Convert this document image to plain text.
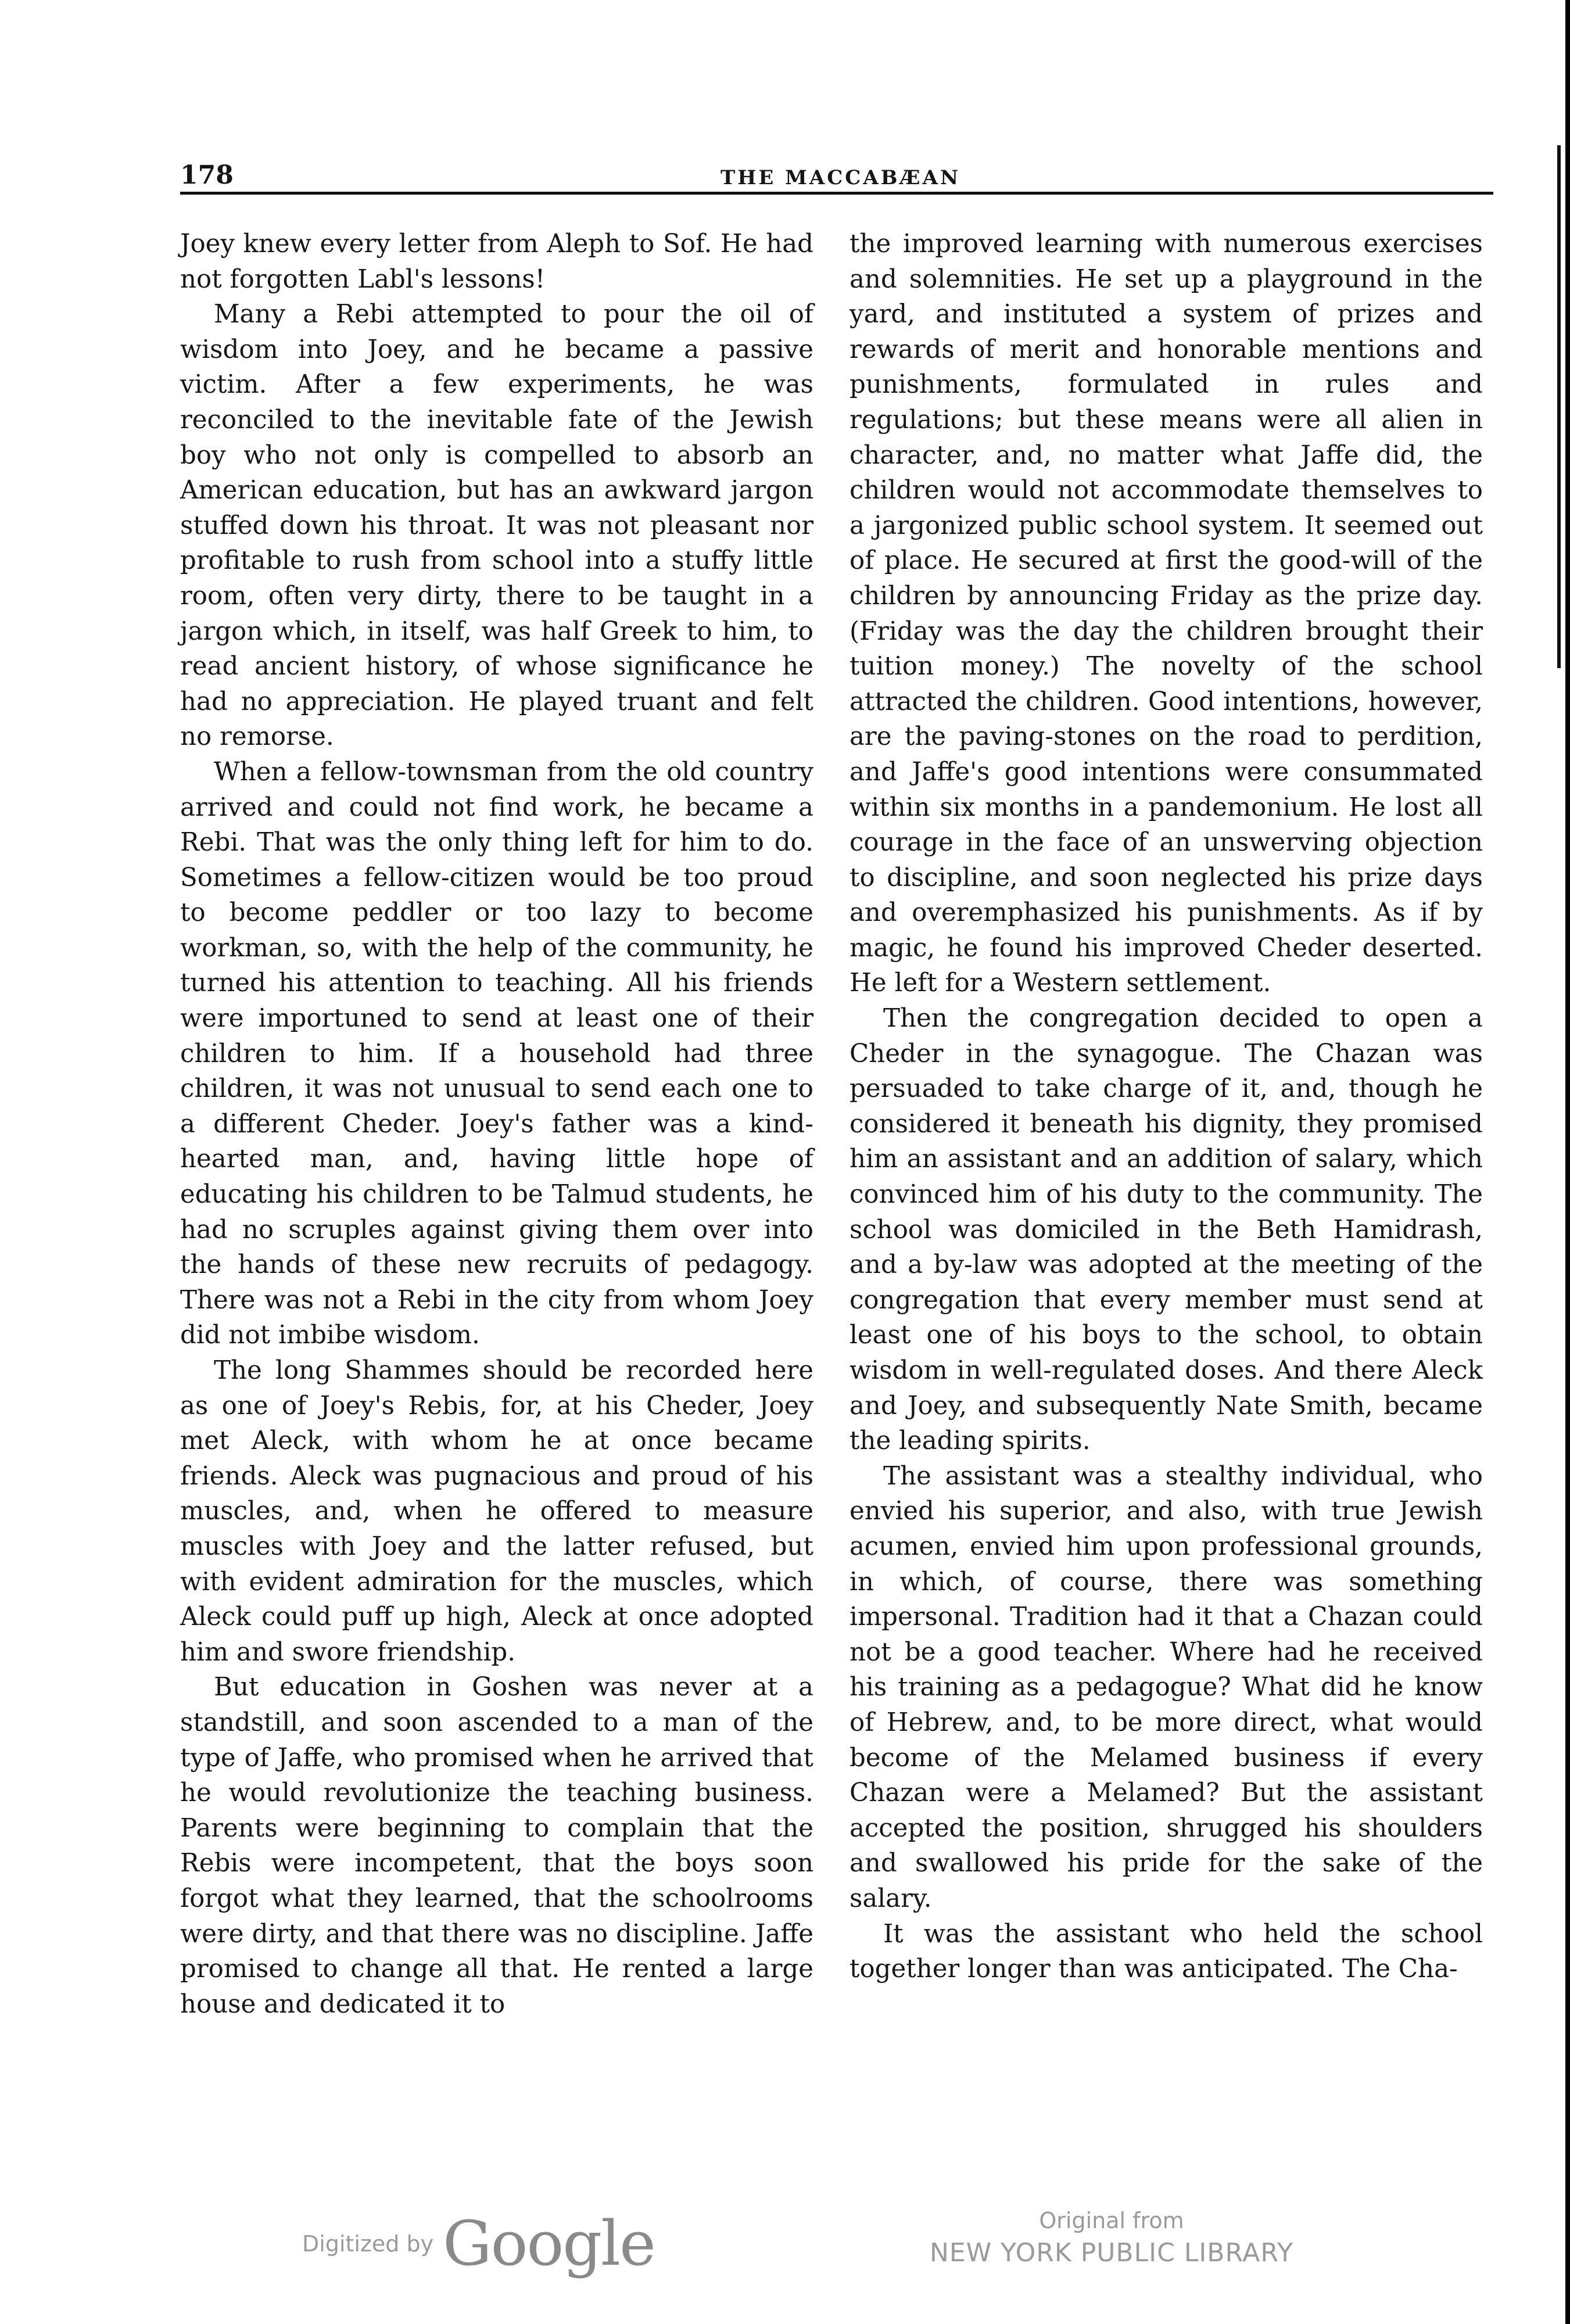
178	THE MACCABÆAN

Joey knew every letter from Aleph to Sof. He had not forgotten Labl's lessons!

Many a Rebi attempted to pour the oil of wisdom into Joey, and he became a passive victim. After a few experiments, he was reconciled to the inevitable fate of the Jewish boy who not only is compelled to absorb an American education, but has an awkward jargon stuffed down his throat. It was not pleasant nor profitable to rush from school into a stuffy little room, often very dirty, there to be taught in a jargon which, in itself, was half Greek to him, to read ancient history, of whose significance he had no appreciation. He played truant and felt no remorse.

When a fellow-townsman from the old country arrived and could not find work, he became a Rebi. That was the only thing left for him to do. Sometimes a fellow-citizen would be too proud to become peddler or too lazy to become workman, so, with the help of the community, he turned his attention to teaching. All his friends were importuned to send at least one of their children to him. If a household had three children, it was not unusual to send each one to a different Cheder. Joey's father was a kind-hearted man, and, having little hope of educating his children to be Talmud students, he had no scruples against giving them over into the hands of these new recruits of pedagogy. There was not a Rebi in the city from whom Joey did not imbibe wisdom.

The long Shammes should be recorded here as one of Joey's Rebis, for, at his Cheder, Joey met Aleck, with whom he at once became friends. Aleck was pugnacious and proud of his muscles, and, when he offered to measure muscles with Joey and the latter refused, but with evident admiration for the muscles, which Aleck could puff up high, Aleck at once adopted him and swore friendship.

But education in Goshen was never at a standstill, and soon ascended to a man of the type of Jaffe, who promised when he arrived that he would revolutionize the teaching business. Parents were beginning to complain that the Rebis were incompetent, that the boys soon forgot what they learned, that the schoolrooms were dirty, and that there was no discipline. Jaffe promised to change all that. He rented a large house and dedicated it to

the improved learning with numerous exercises and solemnities. He set up a playground in the yard, and instituted a system of prizes and rewards of merit and honorable mentions and punishments, formulated in rules and regulations; but these means were all alien in character, and, no matter what Jaffe did, the children would not accommodate themselves to a jargonized public school system. It seemed out of place. He secured at first the good-will of the children by announcing Friday as the prize day. (Friday was the day the children brought their tuition money.) The novelty of the school attracted the children. Good intentions, however, are the paving-stones on the road to perdition, and Jaffe's good intentions were consummated within six months in a pandemonium. He lost all courage in the face of an unswerving objection to discipline, and soon neglected his prize days and overemphasized his punishments. As if by magic, he found his improved Cheder deserted. He left for a Western settlement.

Then the congregation decided to open a Cheder in the synagogue. The Chazan was persuaded to take charge of it, and, though he considered it beneath his dignity, they promised him an assistant and an addition of salary, which convinced him of his duty to the community. The school was domiciled in the Beth Hamidrash, and a by-law was adopted at the meeting of the congregation that every member must send at least one of his boys to the school, to obtain wisdom in well-regulated doses. And there Aleck and Joey, and subsequently Nate Smith, became the leading spirits.

The assistant was a stealthy individual, who envied his superior, and also, with true Jewish acumen, envied him upon professional grounds, in which, of course, there was something impersonal. Tradition had it that a Chazan could not be a good teacher. Where had he received his training as a pedagogue? What did he know of Hebrew, and, to be more direct, what would become of the Melamed business if every Chazan were a Melamed? But the assistant accepted the position, shrugged his shoulders and swallowed his pride for the sake of the salary.

It was the assistant who held the school together longer than was anticipated. The Cha-

Digitized by Google	Original from
NEW YORK PUBLIC LIBRARY
